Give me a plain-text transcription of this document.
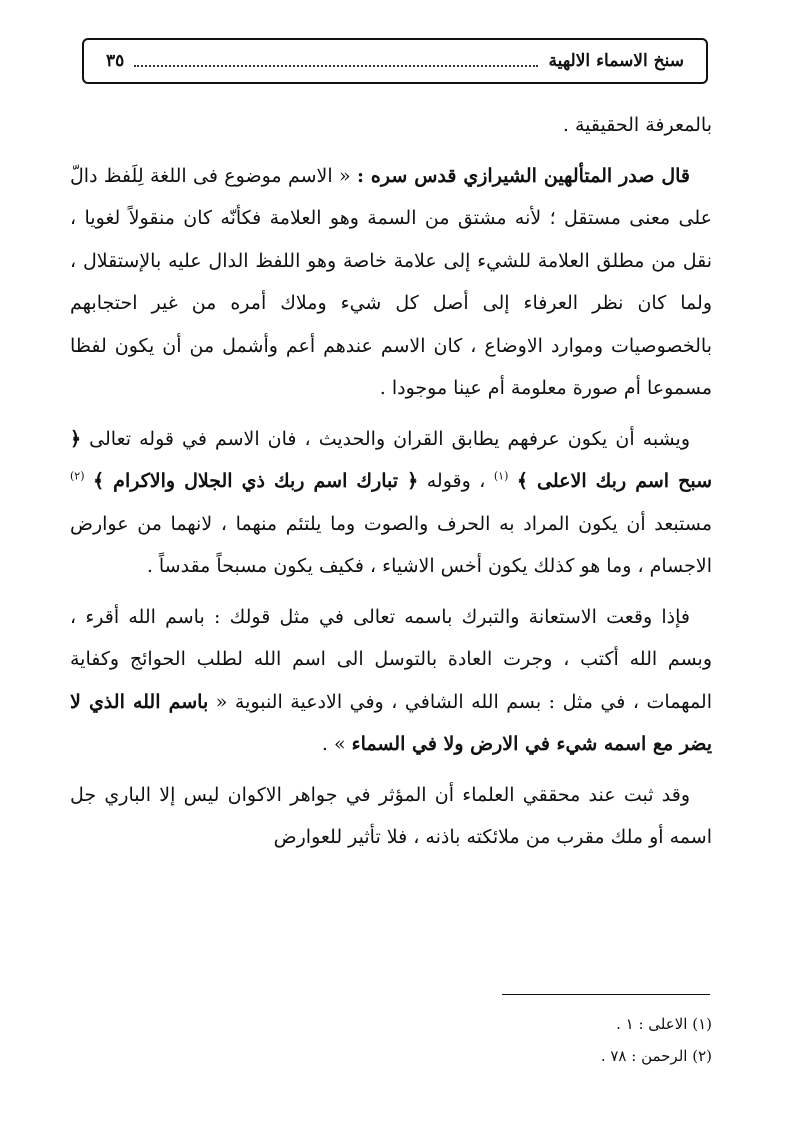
سنخ الاسماء الالهية
٣٥

بالمعرفة الحقيقية .

قال صدر المتألهين الشيرازي قدس سره : « الاسم موضوع فى اللغة لِلَفظ دالّ على معنى مستقل ؛ لأنه مشتق من السمة وهو العلامة فكأنّه كان منقولاً لغويا ، نقل من مطلق العلامة للشيء إلى علامة خاصة وهو اللفظ الدال عليه بالإستقلال ، ولما كان نظر العرفاء إلى أصل كل شيء وملاك أمره من غير احتجابهم بالخصوصيات وموارد الاوضاع ، كان الاسم عندهم أعم وأشمل من أن يكون لفظا مسموعا أم صورة معلومة أم عينا موجودا .

ويشبه أن يكون عرفهم يطابق القران والحديث ، فان الاسم في قوله تعالى ﴿ سبح اسم ربك الاعلى ﴾ $^{(١)}$ ، وقوله ﴿ تبارك اسم ربك ذي الجلال والاكرام ﴾ $^{(٢)}$ مستبعد أن يكون المراد به الحرف والصوت وما يلتئم منهما ، لانهما من عوارض الاجسام ، وما هو كذلك يكون أخس الاشياء ، فكيف يكون مسبحاً مقدساً .

فإذا وقعت الاستعانة والتبرك باسمه تعالى في مثل قولك : باسم الله أقرء ، وبسم الله أكتب ، وجرت العادة بالتوسل الى اسم الله لطلب الحوائج وكفاية المهمات ، في مثل : بسم الله الشافي ، وفي الادعية النبوية « باسم الله الذي لا يضر مع اسمه شيء في الارض ولا في السماء » .

وقد ثبت عند محققي العلماء أن المؤثر في جواهر الاكوان ليس إلا الباري جل اسمه أو ملك مقرب من ملائكته باذنه ، فلا تأثير للعوارض

(١) الاعلى : ١ .
(٢) الرحمن : ٧٨ .
